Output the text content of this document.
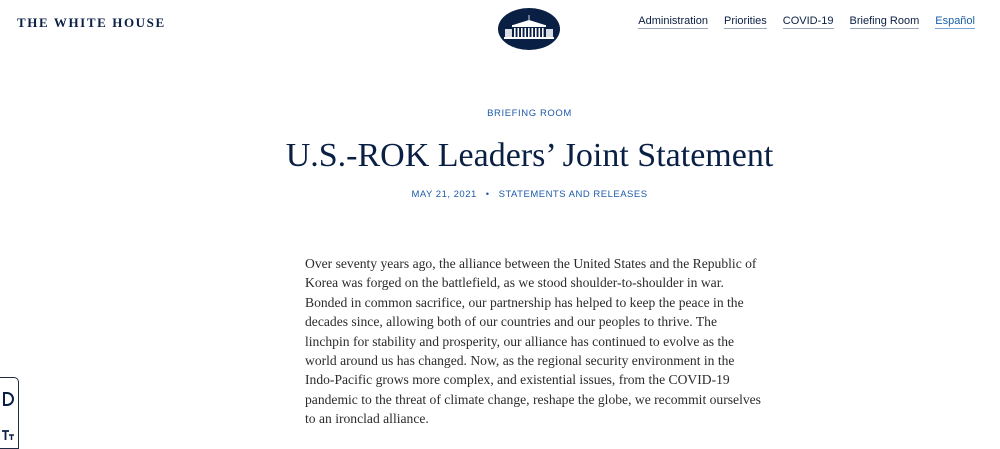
THE WHITE HOUSE	Administration Priorities COVID-19 Briefing Room Español
BRIEFING ROOM
U.S.-ROK Leaders’ Joint Statement
MAY 21, 2021 • STATEMENTS AND RELEASES

Over seventy years ago, the alliance between the United States and the Republic of Korea was forged on the battlefield, as we stood shoulder-to-shoulder in war. Bonded in common sacrifice, our partnership has helped to keep the peace in the decades since, allowing both of our countries and our peoples to thrive. The linchpin for stability and prosperity, our alliance has continued to evolve as the world around us has changed. Now, as the regional security environment in the Indo-Pacific grows more complex, and existential issues, from the COVID-19 pandemic to the threat of climate change, reshape the globe, we recommit ourselves to an ironclad alliance.
